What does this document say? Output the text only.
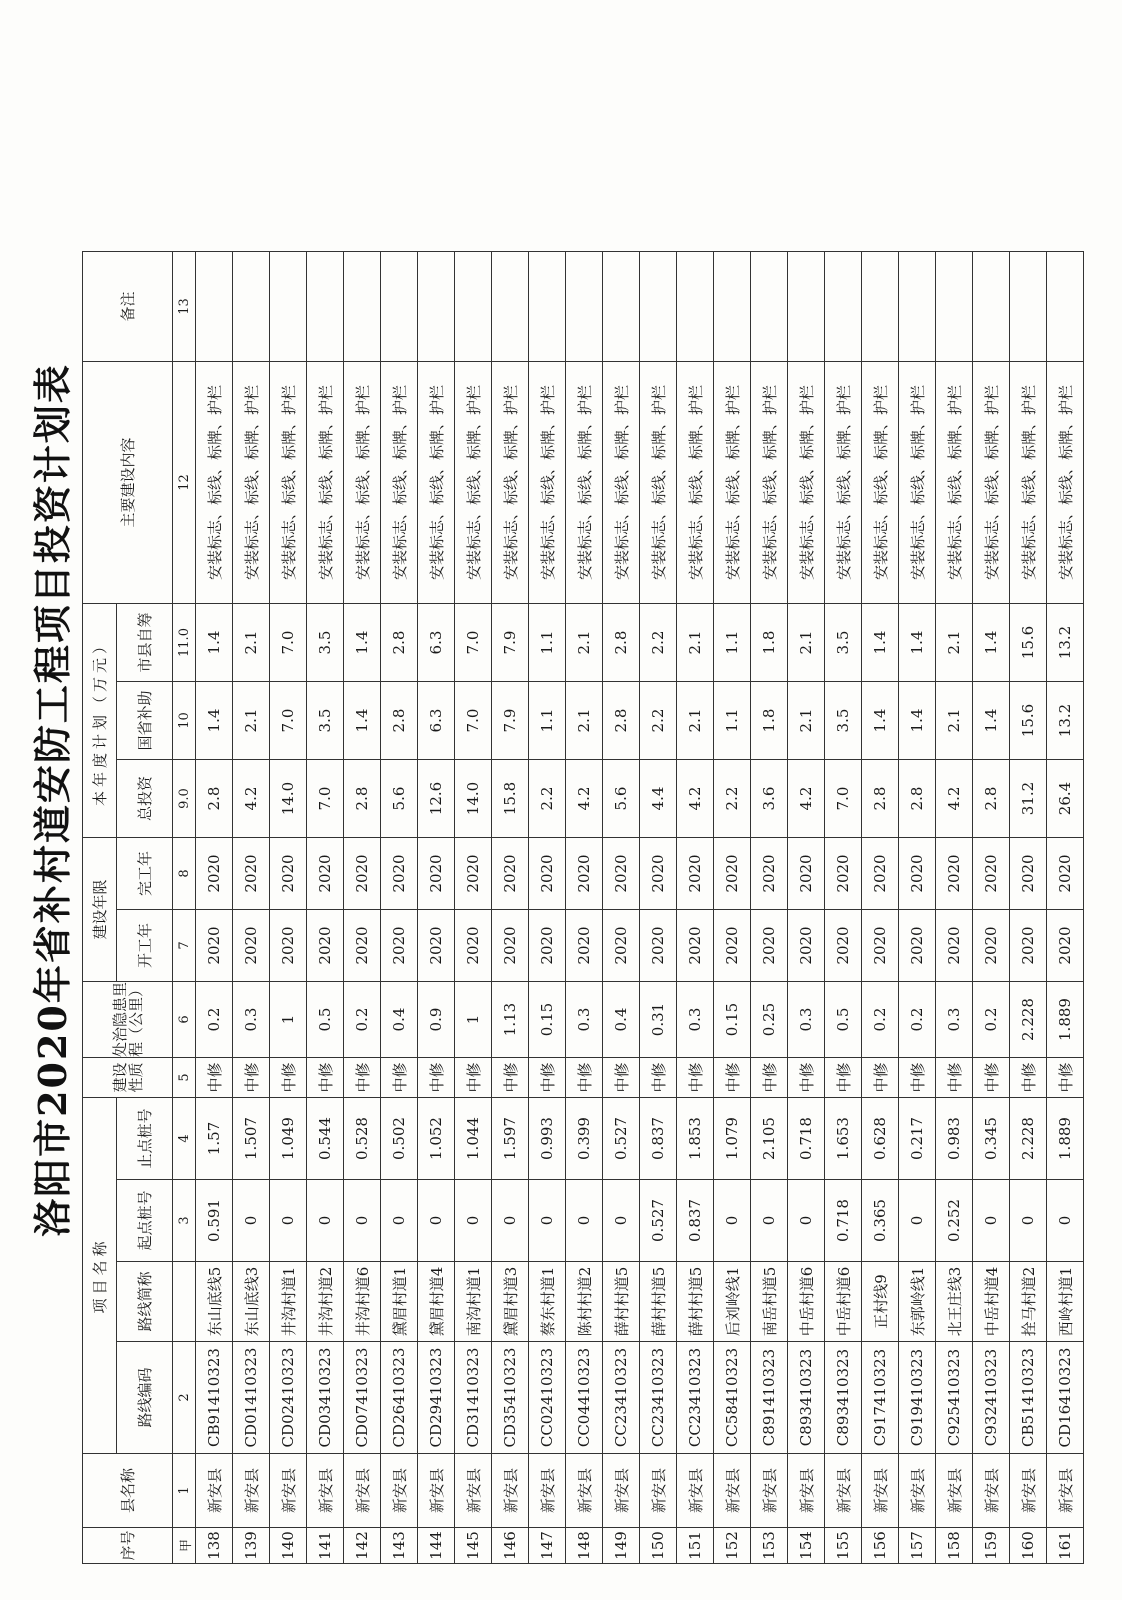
洛阳市2020年省补村道安防工程项目投资计划表
序号	县名称	项目名称				建设性质	处治隐患里程（公里）	建设年限		本年度计划（万元）			主要建设内容	备注
		路线编码	路线简称	起点桩号	止点桩号			开工年	完工年	总投资	国省补助	市县自筹		

甲	1	2		3	4	5	6	7	8	9.0	10	11.0	12	13
138	新安县	CB91410323	东山底线5	0.591	1.57	中修	0.2	2020	2020	2.8	1.4	1.4	安装标志、标线、标牌、护栏	
139	新安县	CD01410323	东山底线3	0	1.507	中修	0.3	2020	2020	4.2	2.1	2.1	安装标志、标线、标牌、护栏	
140	新安县	CD02410323	井沟村道1	0	1.049	中修	1	2020	2020	14.0	7.0	7.0	安装标志、标线、标牌、护栏	
141	新安县	CD03410323	井沟村道2	0	0.544	中修	0.5	2020	2020	7.0	3.5	3.5	安装标志、标线、标牌、护栏	
142	新安县	CD07410323	井沟村道6	0	0.528	中修	0.2	2020	2020	2.8	1.4	1.4	安装标志、标线、标牌、护栏	
143	新安县	CD26410323	黛眉村道1	0	0.502	中修	0.4	2020	2020	5.6	2.8	2.8	安装标志、标线、标牌、护栏	
144	新安县	CD29410323	黛眉村道4	0	1.052	中修	0.9	2020	2020	12.6	6.3	6.3	安装标志、标线、标牌、护栏	
145	新安县	CD31410323	南沟村道1	0	1.044	中修	1	2020	2020	14.0	7.0	7.0	安装标志、标线、标牌、护栏	
146	新安县	CD35410323	黛眉村道3	0	1.597	中修	1.13	2020	2020	15.8	7.9	7.9	安装标志、标线、标牌、护栏	
147	新安县	CC02410323	蔡东村道1	0	0.993	中修	0.15	2020	2020	2.2	1.1	1.1	安装标志、标线、标牌、护栏	
148	新安县	CC04410323	陈村村道2	0	0.399	中修	0.3	2020	2020	4.2	2.1	2.1	安装标志、标线、标牌、护栏	
149	新安县	CC23410323	薛村村道5	0	0.527	中修	0.4	2020	2020	5.6	2.8	2.8	安装标志、标线、标牌、护栏	
150	新安县	CC23410323	薛村村道5	0.527	0.837	中修	0.31	2020	2020	4.4	2.2	2.2	安装标志、标线、标牌、护栏	
151	新安县	CC23410323	薛村村道5	0.837	1.853	中修	0.3	2020	2020	4.2	2.1	2.1	安装标志、标线、标牌、护栏	
152	新安县	CC58410323	后刘岭线1	0	1.079	中修	0.15	2020	2020	2.2	1.1	1.1	安装标志、标线、标牌、护栏	
153	新安县	C891410323	南岳村道5	0	2.105	中修	0.25	2020	2020	3.6	1.8	1.8	安装标志、标线、标牌、护栏	
154	新安县	C893410323	中岳村道6	0	0.718	中修	0.3	2020	2020	4.2	2.1	2.1	安装标志、标线、标牌、护栏	
155	新安县	C893410323	中岳村道6	0.718	1.653	中修	0.5	2020	2020	7.0	3.5	3.5	安装标志、标线、标牌、护栏	
156	新安县	C917410323	正村线9	0.365	0.628	中修	0.2	2020	2020	2.8	1.4	1.4	安装标志、标线、标牌、护栏	
157	新安县	C919410323	东郭岭线1	0	0.217	中修	0.2	2020	2020	2.8	1.4	1.4	安装标志、标线、标牌、护栏	
158	新安县	C925410323	北王庄线3	0.252	0.983	中修	0.3	2020	2020	4.2	2.1	2.1	安装标志、标线、标牌、护栏	
159	新安县	C932410323	中岳村道4	0	0.345	中修	0.2	2020	2020	2.8	1.4	1.4	安装标志、标线、标牌、护栏	
160	新安县	CB51410323	拴马村道2	0	2.228	中修	2.228	2020	2020	31.2	15.6	15.6	安装标志、标线、标牌、护栏	
161	新安县	CD16410323	西岭村道1	0	1.889	中修	1.889	2020	2020	26.4	13.2	13.2	安装标志、标线、标牌、护栏	
